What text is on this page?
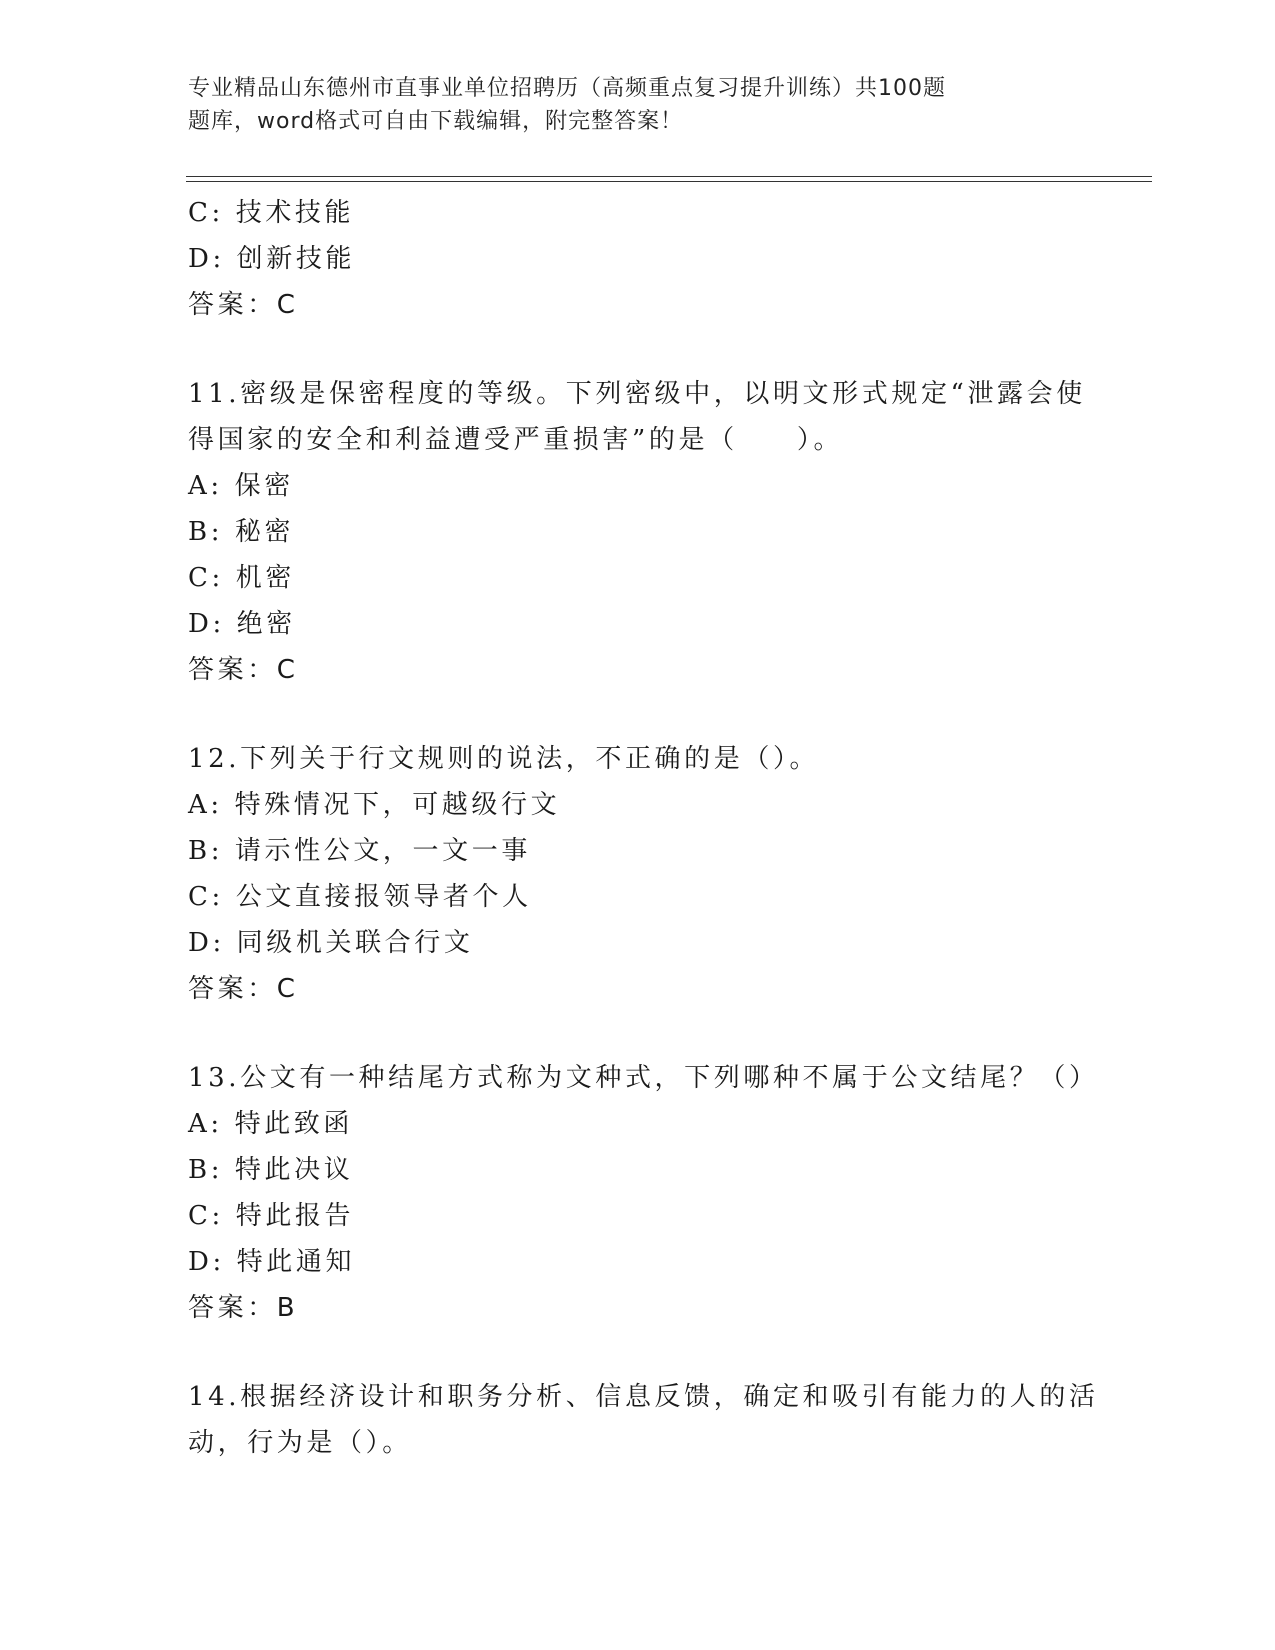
专业精品山东德州市直事业单位招聘历（高频重点复习提升训练）共100题
题库，word格式可自由下载编辑，附完整答案！
C: 技术技能
D: 创新技能
答案：C
11.密级是保密程度的等级。下列密级中，以明文形式规定“泄露会使
得国家的安全和利益遭受严重损害”的是（　　）。
A: 保密
B: 秘密
C: 机密
D: 绝密
答案：C
12.下列关于行文规则的说法，不正确的是（）。
A: 特殊情况下，可越级行文
B: 请示性公文，一文一事
C: 公文直接报领导者个人
D: 同级机关联合行文
答案：C
13.公文有一种结尾方式称为文种式，下列哪种不属于公文结尾？（）
A: 特此致函
B: 特此决议
C: 特此报告
D: 特此通知
答案：B
14.根据经济设计和职务分析、信息反馈，确定和吸引有能力的人的活
动，行为是（）。
